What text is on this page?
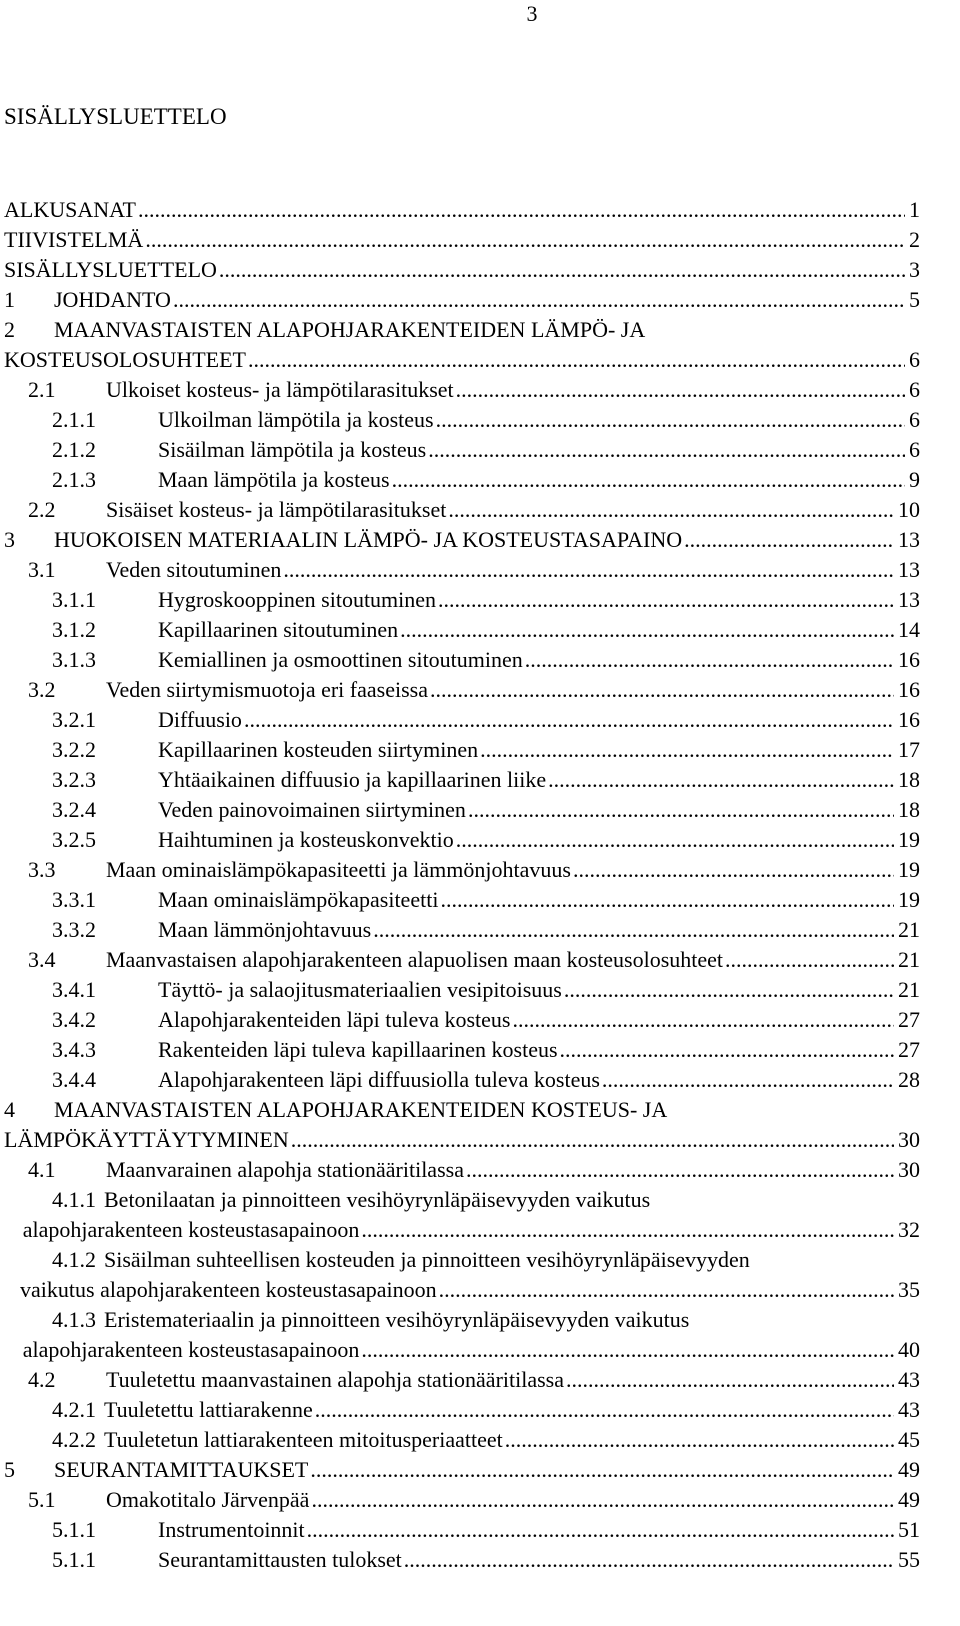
3
SISÄLLYSLUETTELO
ALKUSANAT .....	1
TIIVISTELMÄ .....	2
SISÄLLYSLUETTELO .....	3
1	JOHDANTO .....	5
2	MAANVASTAISTEN ALAPOHJARAKENTEIDEN LÄMPÖ- JA
KOSTEUSOLOSUHTEET .....	6
2.1	Ulkoiset kosteus- ja lämpötilarasitukset .....	6
2.1.1	Ulkoilman lämpötila ja kosteus .....	6
2.1.2	Sisäilman lämpötila ja kosteus .....	6
2.1.3	Maan lämpötila ja kosteus .....	9
2.2	Sisäiset kosteus- ja lämpötilarasitukset .....	10
3	HUOKOISEN MATERIAALIN LÄMPÖ- JA KOSTEUSTASAPAINO .....	13
3.1	Veden sitoutuminen .....	13
3.1.1	Hygroskooppinen sitoutuminen .....	13
3.1.2	Kapillaarinen sitoutuminen .....	14
3.1.3	Kemiallinen ja osmoottinen sitoutuminen .....	16
3.2	Veden siirtymismuotoja eri faaseissa .....	16
3.2.1	Diffuusio .....	16
3.2.2	Kapillaarinen kosteuden siirtyminen .....	17
3.2.3	Yhtäaikainen diffuusio ja kapillaarinen liike .....	18
3.2.4	Veden painovoimainen siirtyminen .....	18
3.2.5	Haihtuminen ja kosteuskonvektio .....	19
3.3	Maan ominaislämpökapasiteetti ja lämmönjohtavuus .....	19
3.3.1	Maan ominaislämpökapasiteetti .....	19
3.3.2	Maan lämmönjohtavuus .....	21
3.4	Maanvastaisen alapohjarakenteen alapuolisen maan kosteusolosuhteet .....	21
3.4.1	Täyttö- ja salaojitusmateriaalien vesipitoisuus .....	21
3.4.2	Alapohjarakenteiden läpi tuleva kosteus .....	27
3.4.3	Rakenteiden läpi tuleva kapillaarinen kosteus .....	27
3.4.4	Alapohjarakenteen läpi diffuusiolla tuleva kosteus .....	28
4	MAANVASTAISTEN ALAPOHJARAKENTEIDEN KOSTEUS- JA
LÄMPÖKÄYTTÄYTYMINEN .....	30
4.1	Maanvarainen alapohja stationääritilassa .....	30
4.1.1 Betonilaatan ja pinnoitteen vesihöyrynläpäisevyyden vaikutus
alapohjarakenteen kosteustasapainoon .....	32
4.1.2 Sisäilman suhteellisen kosteuden ja pinnoitteen vesihöyrynläpäisevyyden
vaikutus alapohjarakenteen kosteustasapainoon .....	35
4.1.3 Eristemateriaalin ja pinnoitteen vesihöyrynläpäisevyyden vaikutus
alapohjarakenteen kosteustasapainoon .....	40
4.2	Tuuletettu maanvastainen alapohja stationääritilassa .....	43
4.2.1 Tuuletettu lattiarakenne .....	43
4.2.2 Tuuletetun lattiarakenteen mitoitusperiaatteet .....	45
5	SEURANTAMITTAUKSET .....	49
5.1	Omakotitalo Järvenpää .....	49
5.1.1	Instrumentoinnit .....	51
5.1.1	Seurantamittausten tulokset .....	55
